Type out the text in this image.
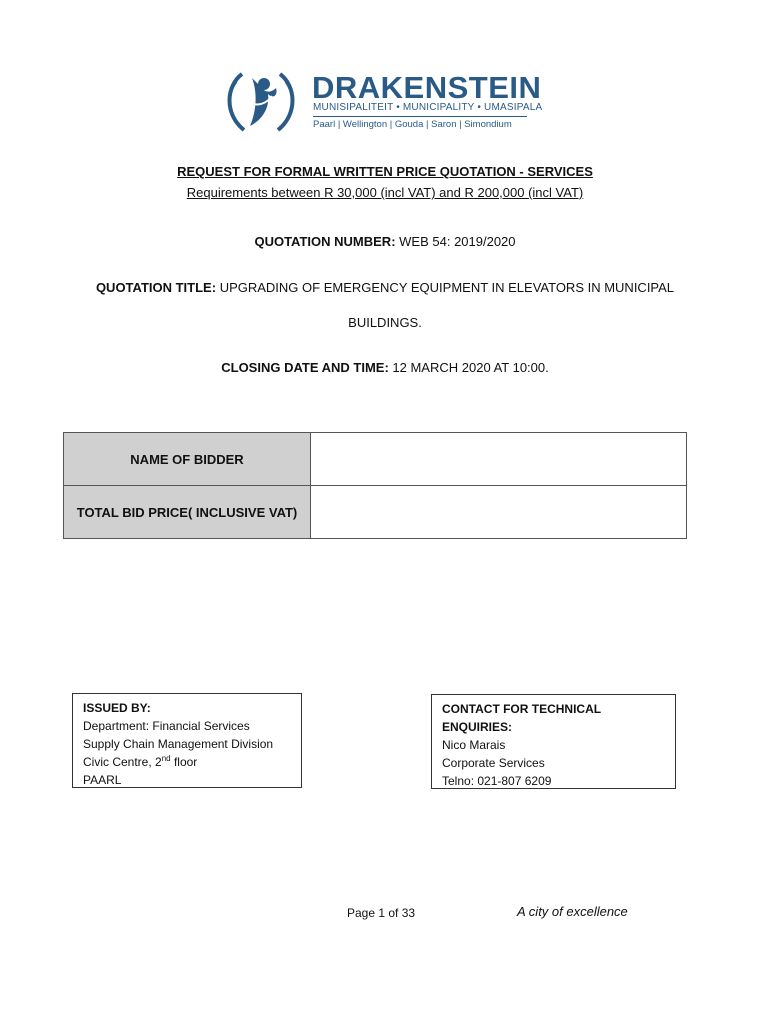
DRAKENSTEIN
MUNISIPALITEIT • MUNICIPALITY • UMASIPALA
Paarl | Wellington | Gouda | Saron | Simondium
REQUEST FOR FORMAL WRITTEN PRICE QUOTATION - SERVICES
Requirements between R 30,000 (incl VAT) and R 200,000 (incl VAT)
QUOTATION NUMBER: WEB 54: 2019/2020
QUOTATION TITLE: UPGRADING OF EMERGENCY EQUIPMENT IN ELEVATORS IN MUNICIPAL
BUILDINGS.
CLOSING DATE AND TIME: 12 MARCH 2020 AT 10:00.
NAME OF BIDDER	
TOTAL BID PRICE( INCLUSIVE VAT)	
ISSUED BY:
Department: Financial Services
Supply Chain Management Division
Civic Centre, 2nd floor
PAARL
CONTACT FOR TECHNICAL ENQUIRIES:
Nico Marais
Corporate Services
Telno: 021-807 6209
Page 1 of 33	A city of excellence
